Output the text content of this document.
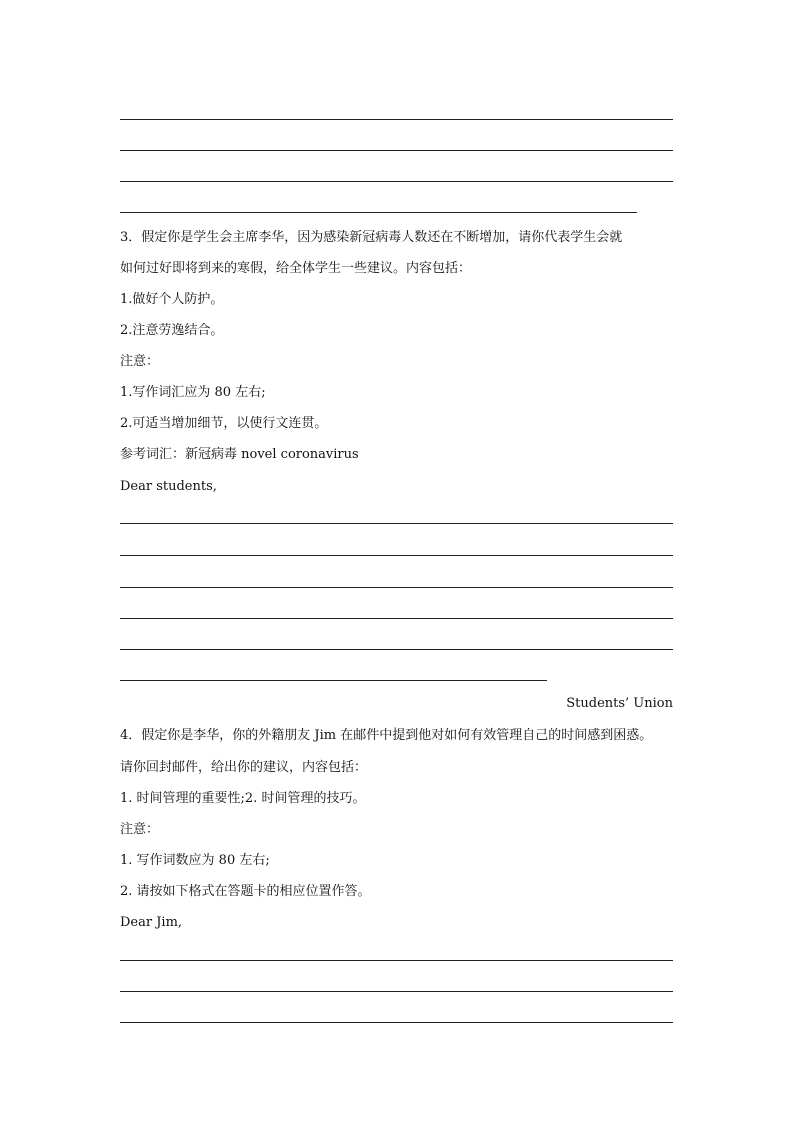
3．假定你是学生会主席李华，因为感染新冠病毒人数还在不断增加，请你代表学生会就
如何过好即将到来的寒假，给全体学生一些建议。内容包括：
1.做好个人防护。
2.注意劳逸结合。
注意：
1.写作词汇应为 80 左右;
2.可适当增加细节，以使行文连贯。
参考词汇：新冠病毒 novel coronavirus
Dear students,
Students’ Union
4．假定你是李华，你的外籍朋友 Jim 在邮件中提到他对如何有效管理自己的时间感到困惑。
请你回封邮件，给出你的建议，内容包括：
1. 时间管理的重要性;2. 时间管理的技巧。
注意：
1. 写作词数应为 80 左右;
2. 请按如下格式在答题卡的相应位置作答。
Dear Jim,
